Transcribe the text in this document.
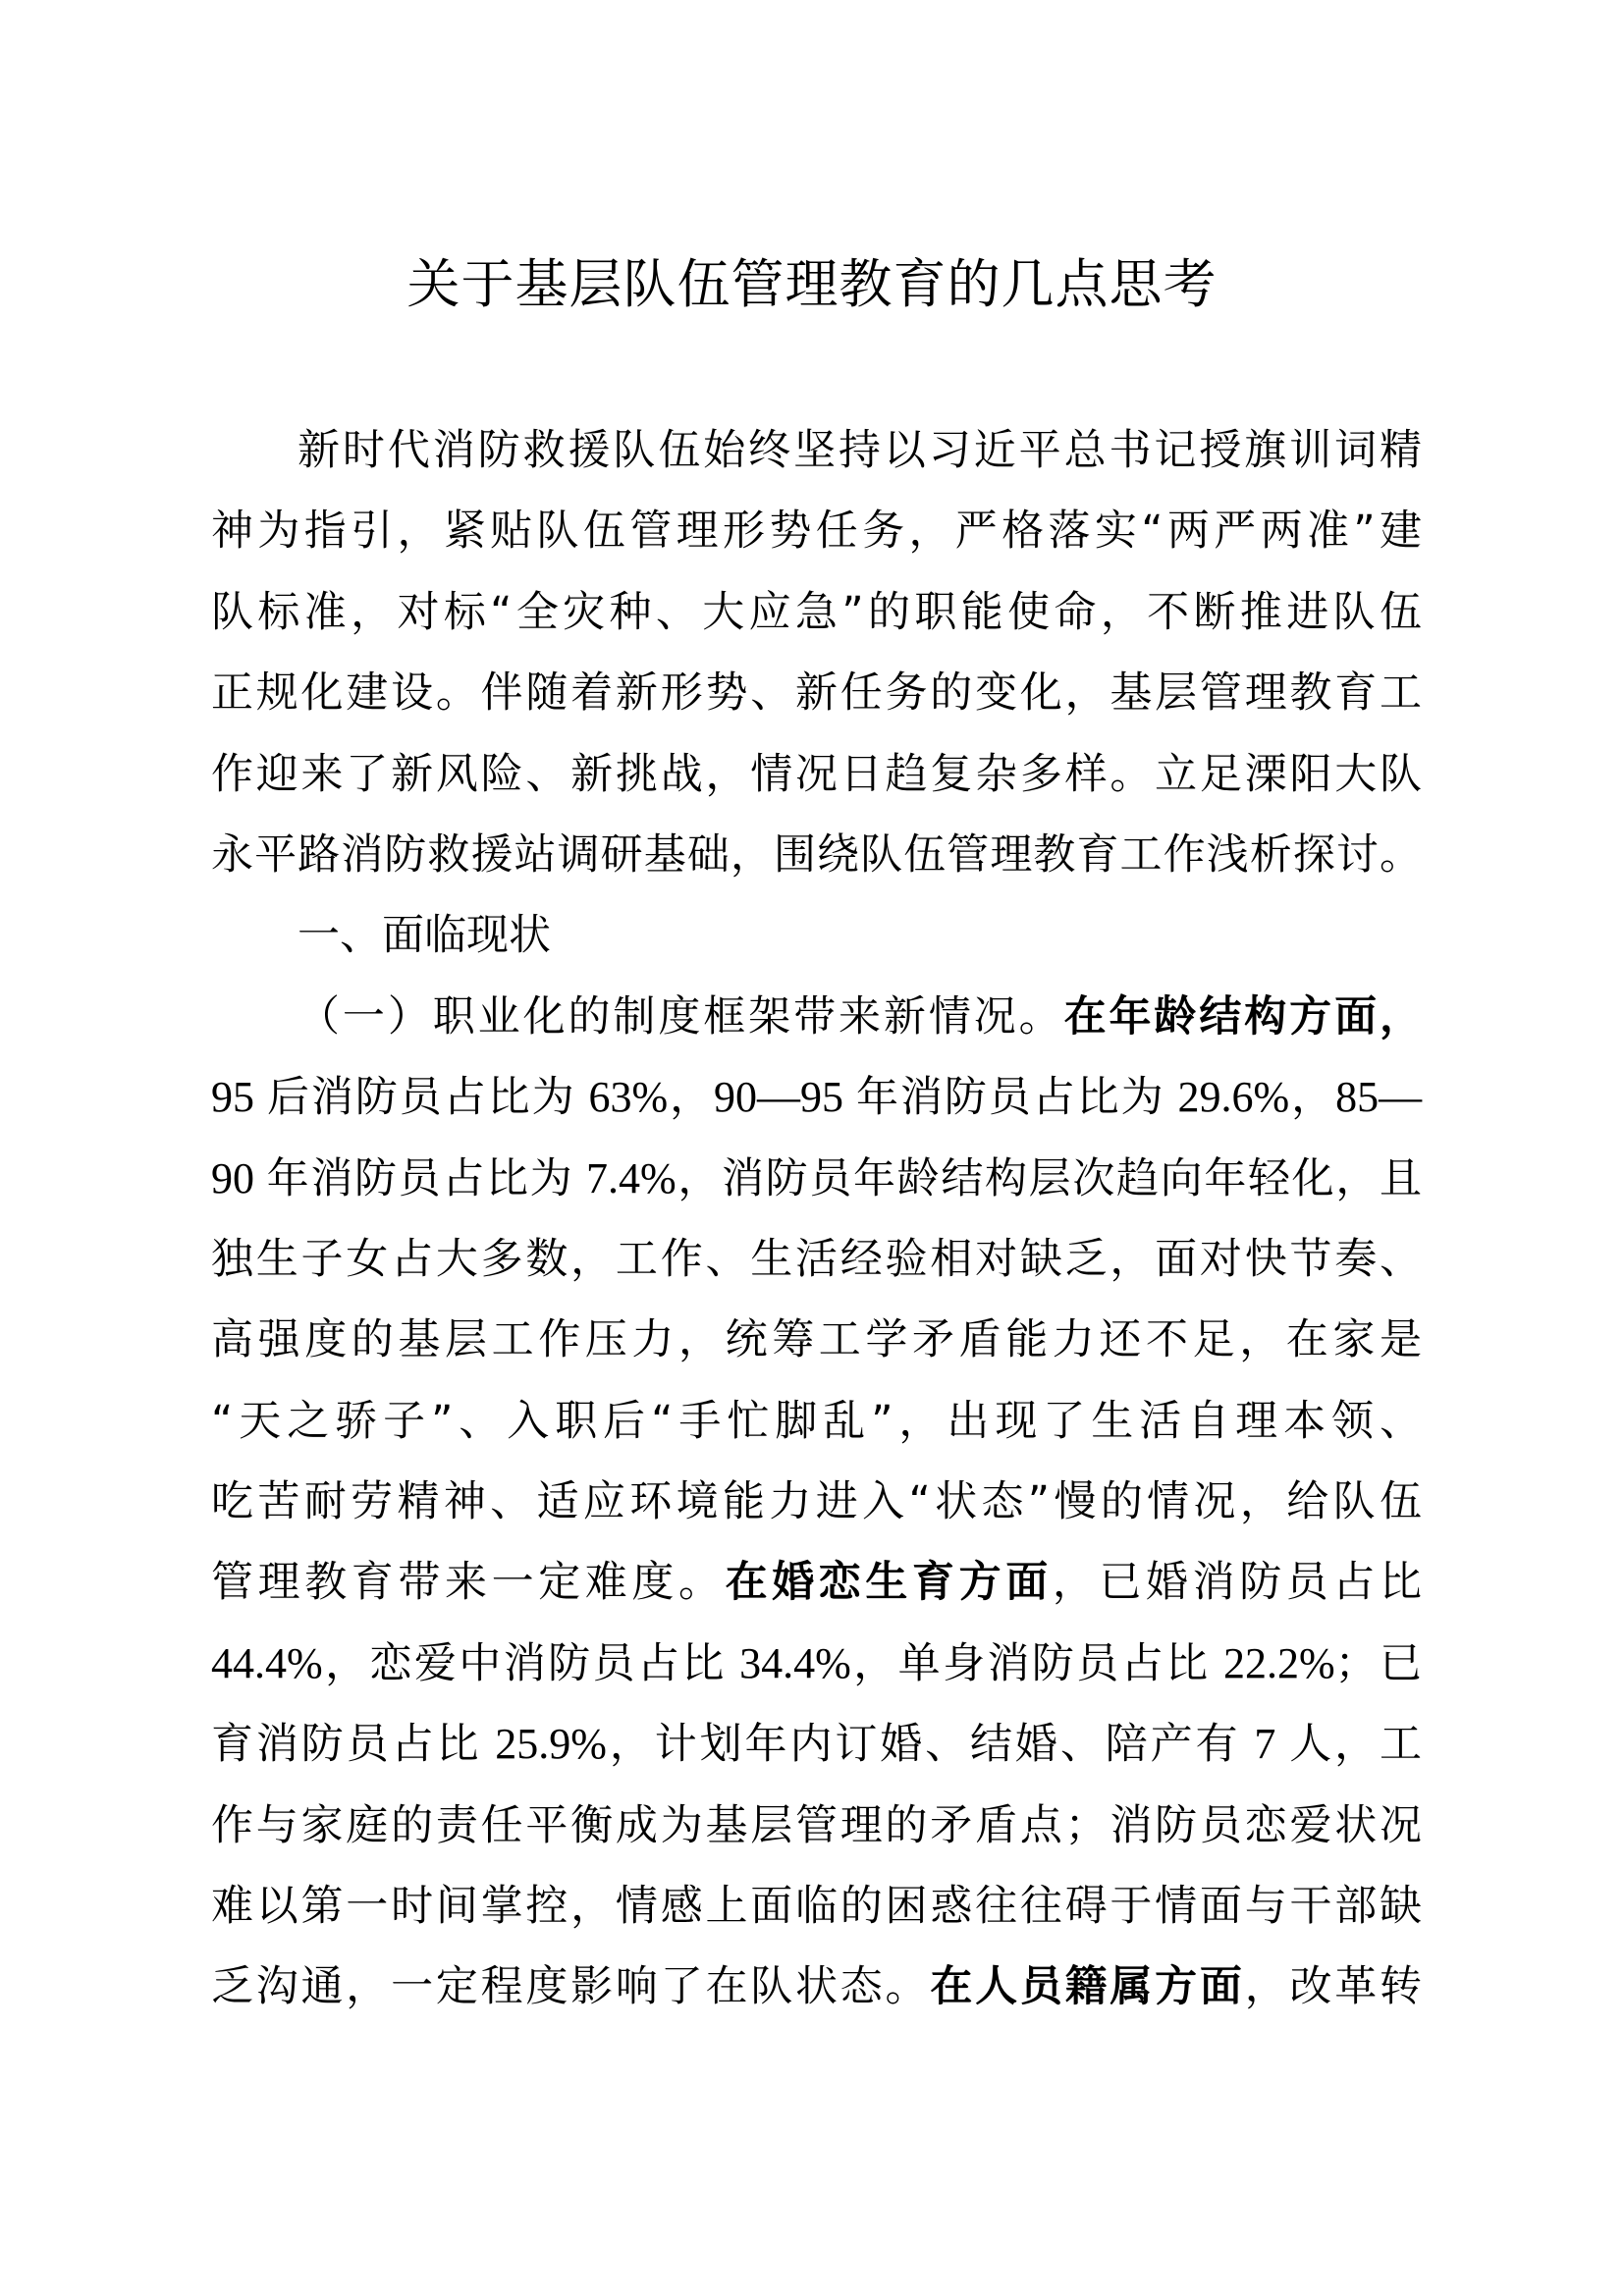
关于基层队伍管理教育的几点思考
新时代消防救援队伍始终坚持以习近平总书记授旗训词精
神为指引，紧贴队伍管理形势任务，严格落实“两严两准”建
队标准，对标“全灾种、大应急”的职能使命，不断推进队伍
正规化建设。伴随着新形势、新任务的变化，基层管理教育工
作迎来了新风险、新挑战，情况日趋复杂多样。立足溧阳大队
永平路消防救援站调研基础，围绕队伍管理教育工作浅析探讨。
一、面临现状
（一）职业化的制度框架带来新情况。在年龄结构方面，
95 后消防员占比为 63%，90—95 年消防员占比为 29.6%，85—
90 年消防员占比为 7.4%，消防员年龄结构层次趋向年轻化，且
独生子女占大多数，工作、生活经验相对缺乏，面对快节奏、
高强度的基层工作压力，统筹工学矛盾能力还不足，在家是
“天之骄子”、入职后“手忙脚乱”，出现了生活自理本领、
吃苦耐劳精神、适应环境能力进入“状态”慢的情况，给队伍
管理教育带来一定难度。在婚恋生育方面，已婚消防员占比
44.4%，恋爱中消防员占比 34.4%，单身消防员占比 22.2%；已
育消防员占比 25.9%，计划年内订婚、结婚、陪产有 7 人，工
作与家庭的责任平衡成为基层管理的矛盾点；消防员恋爱状况
难以第一时间掌控，情感上面临的困惑往往碍于情面与干部缺
乏沟通，一定程度影响了在队状态。在人员籍属方面，改革转
